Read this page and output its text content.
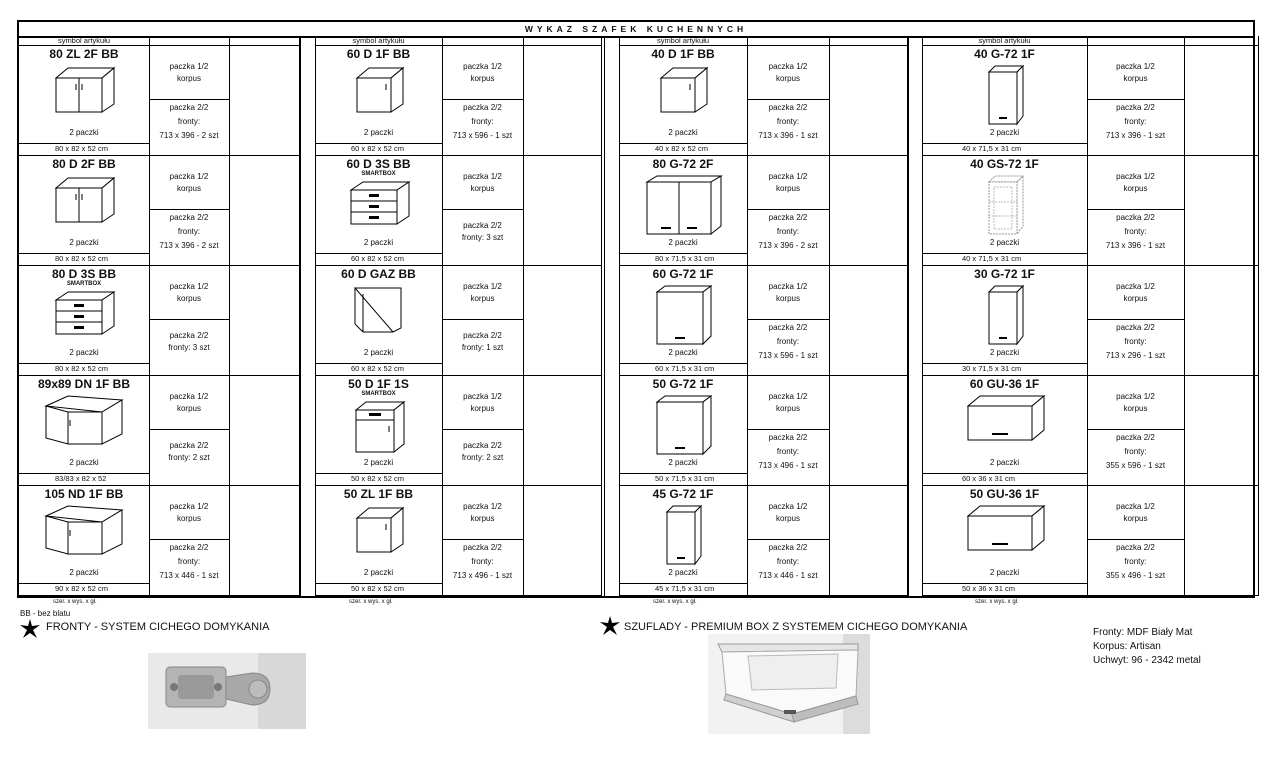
WYKAZ SZAFEK KUCHENNYCH
symbol artykułu
80 ZL 2F BB
2 paczki
80 x 82 x 52 cm
paczka 1/2
korpus
paczka 2/2
fronty:
713 x 396 - 2 szt
80 D 2F BB
2 paczki
80 x 82 x 52 cm
paczka 1/2
korpus
paczka 2/2
fronty:
713 x 396 - 2 szt
80 D 3S BB
SMARTBOX
2 paczki
80 x 82 x 52 cm
paczka 1/2
korpus
paczka 2/2
fronty: 3 szt
89x89 DN 1F BB
2 paczki
83/83 x 82 x 52
paczka 1/2
korpus
paczka 2/2
fronty: 2 szt
105 ND 1F BB
2 paczki
90 x 82 x 52 cm
paczka 1/2
korpus
paczka 2/2
fronty:
713 x 446 - 1 szt
symbol artykułu
60 D 1F BB
2 paczki
60 x 82 x 52 cm
paczka 1/2
korpus
paczka 2/2
fronty:
713 x 596 - 1 szt
60 D 3S BB
SMARTBOX
2 paczki
60 x 82 x 52 cm
paczka 1/2
korpus
paczka 2/2
fronty: 3 szt
60 D GAZ BB
2 paczki
60 x 82 x 52 cm
paczka 1/2
korpus
paczka 2/2
fronty: 1 szt
50 D 1F 1S
SMARTBOX
2 paczki
50 x 82 x 52 cm
paczka 1/2
korpus
paczka 2/2
fronty: 2 szt
50 ZL 1F BB
2 paczki
50 x 82 x 52 cm
paczka 1/2
korpus
paczka 2/2
fronty:
713 x 496 - 1 szt
symbol artykułu
40 D 1F BB
2 paczki
40 x 82 x 52 cm
paczka 1/2
korpus
paczka 2/2
fronty:
713 x 396 - 1 szt
80 G-72 2F
2 paczki
80 x 71,5 x 31 cm
paczka 1/2
korpus
paczka 2/2
fronty:
713 x 396 - 2 szt
60 G-72 1F
2 paczki
60 x 71,5 x 31 cm
paczka 1/2
korpus
paczka 2/2
fronty:
713 x 596 - 1 szt
50 G-72 1F
2 paczki
50 x 71,5 x 31 cm
paczka 1/2
korpus
paczka 2/2
fronty:
713 x 496 - 1 szt
45 G-72 1F
2 paczki
45 x 71,5 x 31 cm
paczka 1/2
korpus
paczka 2/2
fronty:
713 x 446 - 1 szt
symbol artykułu
40 G-72 1F
2 paczki
40 x 71,5 x 31 cm
paczka 1/2
korpus
paczka 2/2
fronty:
713 x 396 - 1 szt
40 GS-72 1F
2 paczki
40 x 71,5 x 31 cm
paczka 1/2
korpus
paczka 2/2
fronty:
713 x 396 - 1 szt
30 G-72 1F
2 paczki
30 x 71,5 x 31 cm
paczka 1/2
korpus
paczka 2/2
fronty:
713 x 296 - 1 szt
60 GU-36 1F
2 paczki
60 x 36 x 31 cm
paczka 1/2
korpus
paczka 2/2
fronty:
355 x 596 - 1 szt
50 GU-36 1F
2 paczki
50 x 36 x 31 cm
paczka 1/2
korpus
paczka 2/2
fronty:
355 x 496 - 1 szt
szer. x wys. x gł.	szer. x wys. x gł.	szer. x wys. x gł.	szer. x wys. x gł.
BB - bez blatu
FRONTY - SYSTEM CICHEGO DOMYKANIA	SZUFLADY - PREMIUM BOX Z SYSTEMEM CICHEGO DOMYKANIA	Fronty: MDF Biały Mat
Korpus: Artisan
Uchwyt: 96 - 2342 metal
